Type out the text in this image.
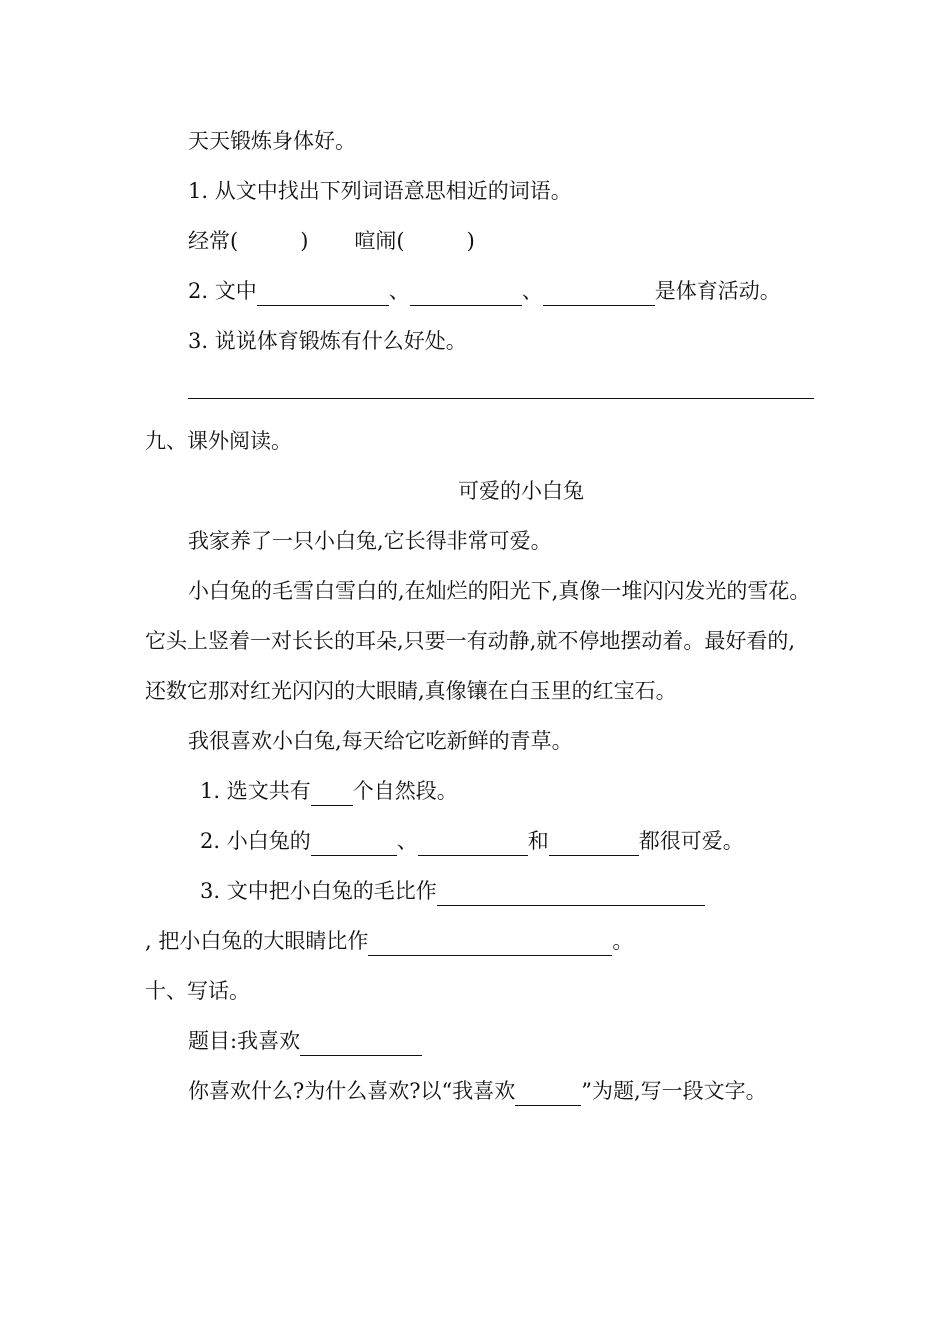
天天锻炼身体好。
1. 从文中找出下列词语意思相近的词语。
经常(	) 喧闹(	)
2. 文中	、	、	是体育活动。
3. 说说体育锻炼有什么好处。
九、课外阅读。
可爱的小白兔
我家养了一只小白兔,它长得非常可爱。
小白兔的毛雪白雪白的,在灿烂的阳光下,真像一堆闪闪发光的雪花。
它头上竖着一对长长的耳朵,只要一有动静,就不停地摆动着。最好看的,
还数它那对红光闪闪的大眼睛,真像镶在白玉里的红宝石。
我很喜欢小白兔,每天给它吃新鲜的青草。
1. 选文共有 个自然段。
2. 小白兔的	、	和	都很可爱。
3. 文中把小白兔的毛比作
, 把小白兔的大眼睛比作	。
十、写话。
题目:我喜欢
你喜欢什么?为什么喜欢?以“我喜欢	”为题,写一段文字。
